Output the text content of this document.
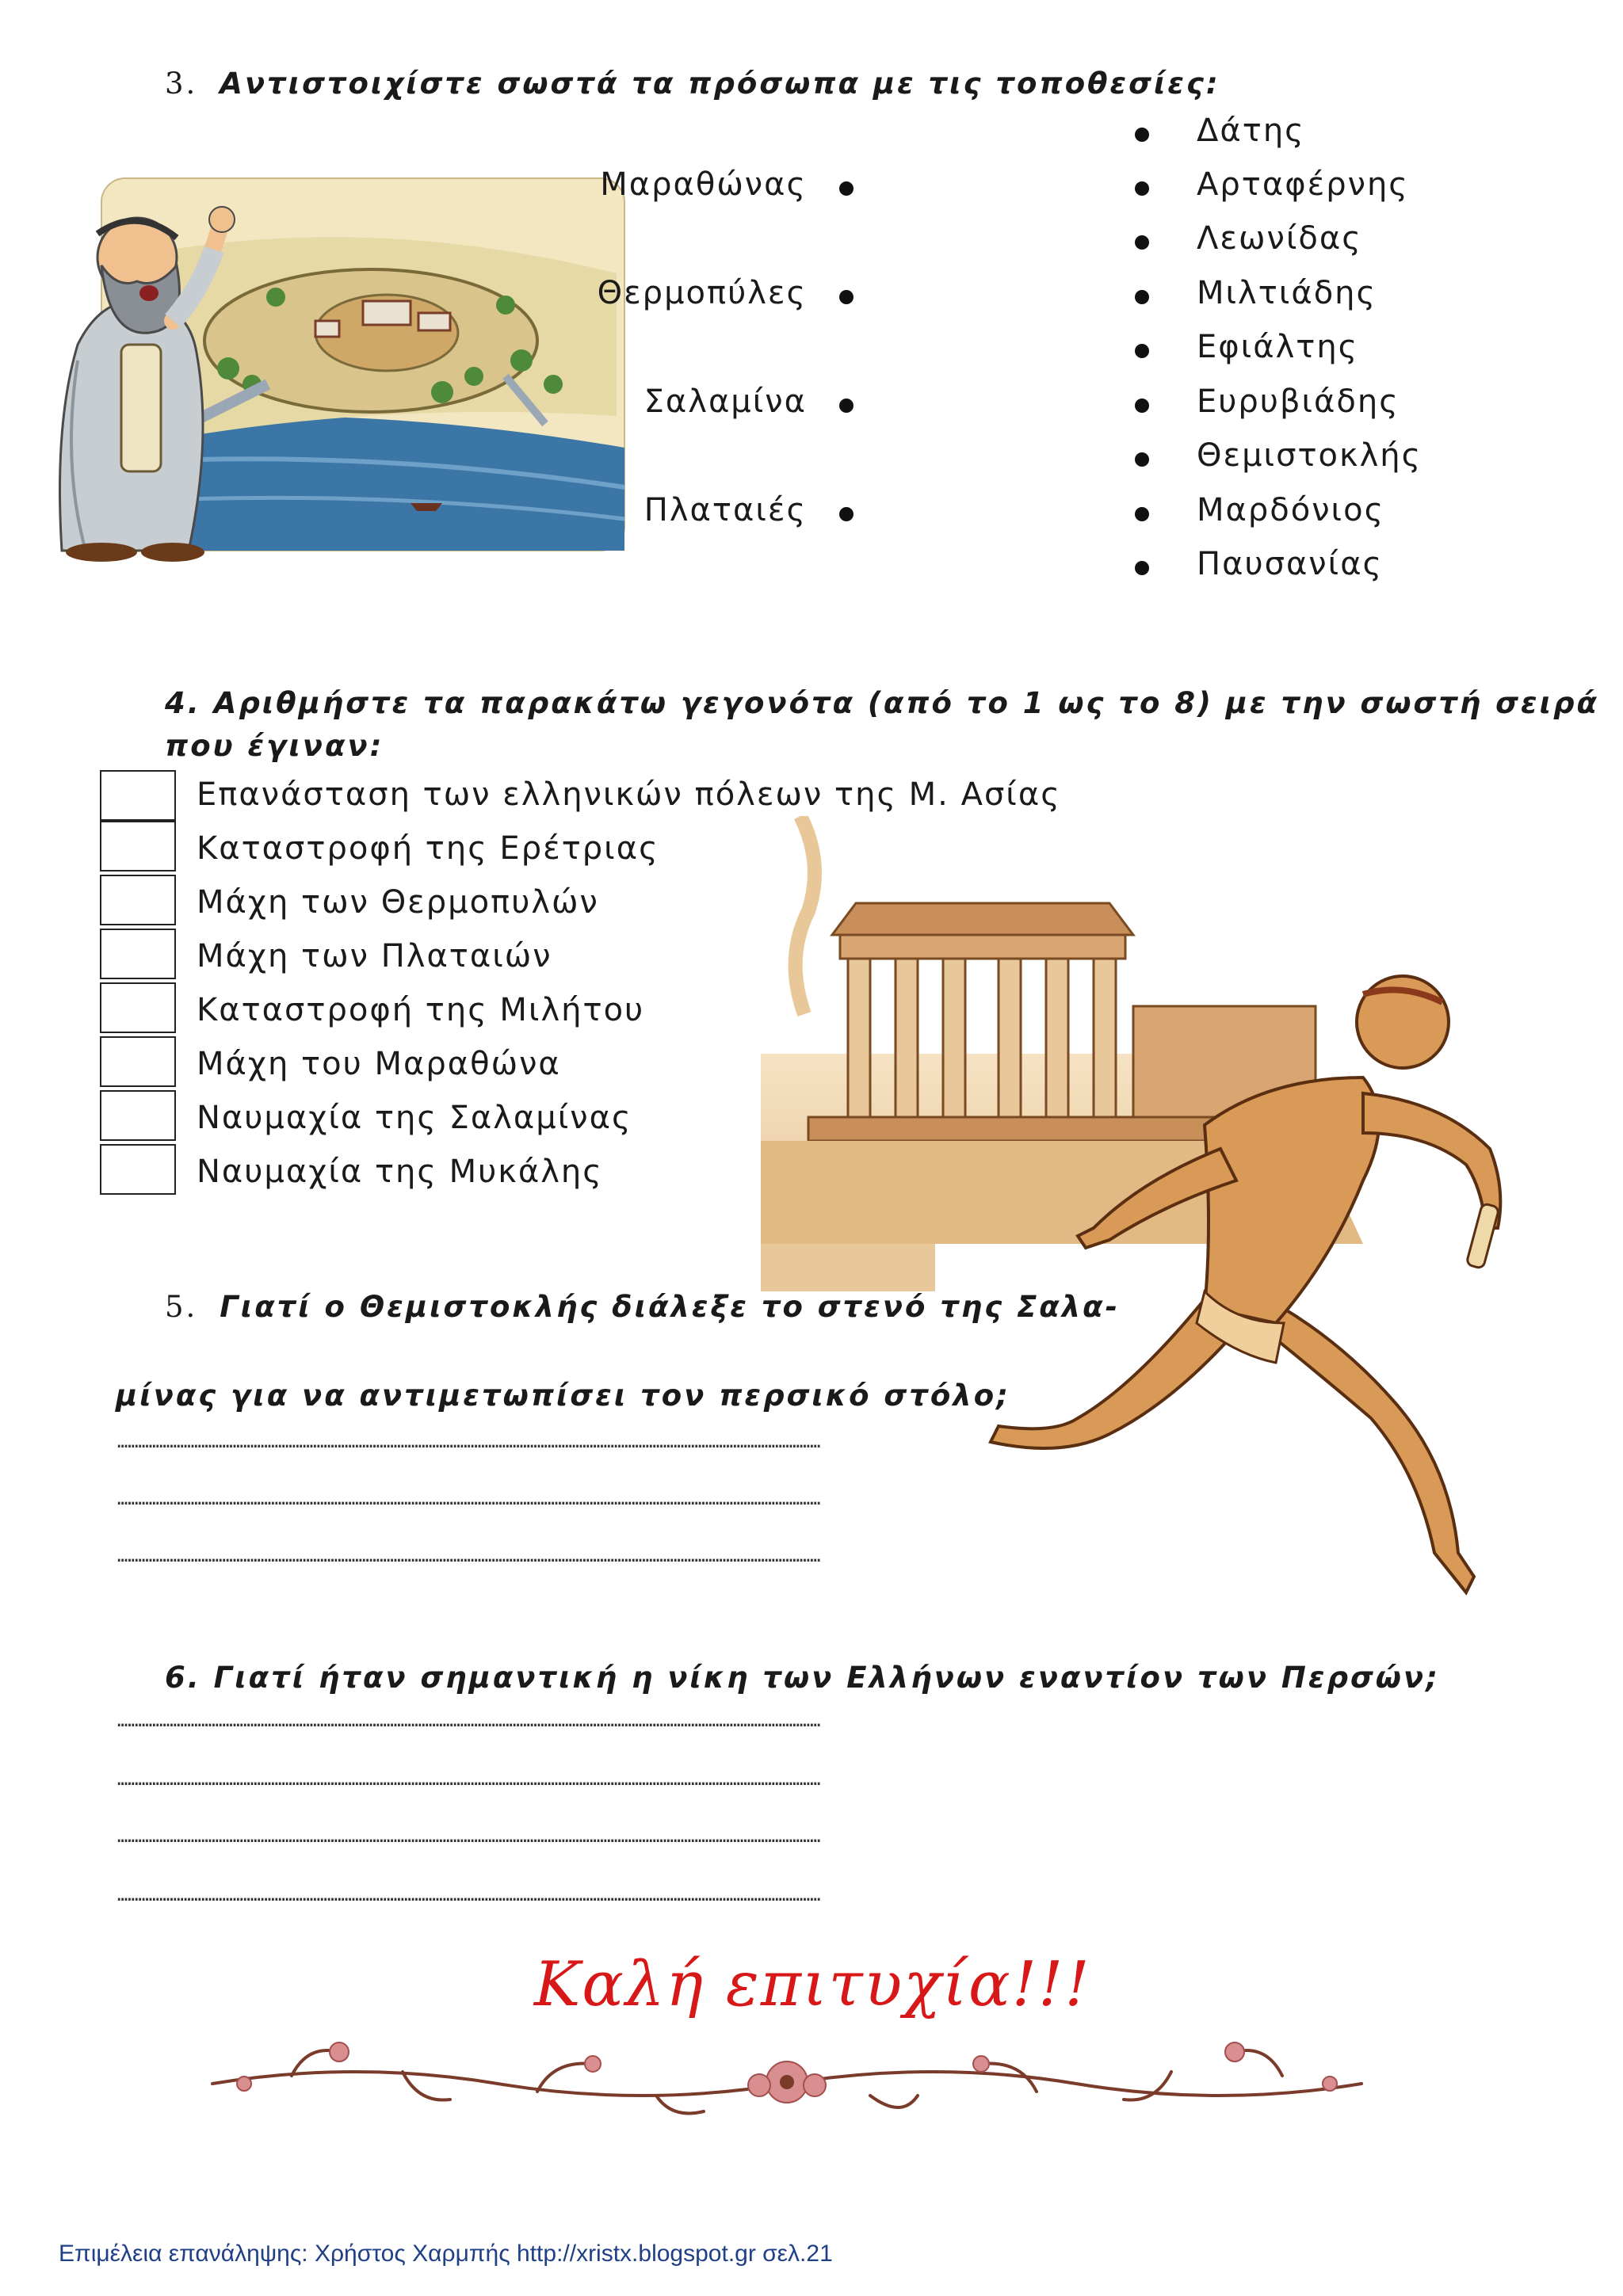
3. Αντιστοιχίστε σωστά τα πρόσωπα με τις τοποθεσίες:
Μαραθώνας
Θερμοπύλες
Σαλαμίνα
Πλαταιές
Δάτης
Αρταφέρνης
Λεωνίδας
Μιλτιάδης
Εφιάλτης
Ευρυβιάδης
Θεμιστοκλής
Μαρδόνιος
Παυσανίας
4. Αριθμήστε τα παρακάτω γεγονότα (από το 1 ως το 8) με την σωστή σειρά
που έγιναν:
Επανάσταση των ελληνικών πόλεων της Μ. Ασίας
Καταστροφή της Ερέτριας
Μάχη των Θερμοπυλών
Μάχη των Πλαταιών
Καταστροφή της Μιλήτου
Μάχη του Μαραθώνα
Ναυμαχία της Σαλαμίνας
Ναυμαχία της Μυκάλης
5. Γιατί ο Θεμιστοκλής διάλεξε το στενό της Σαλα-
μίνας για να αντιμετωπίσει τον περσικό στόλο;
…………………………………………………………………………………………………………………………………………………………………………………
…………………………………………………………………………………………………………………………………………………………………………………
…………………………………………………………………………………………………………………………………………………………………………………
6. Γιατί ήταν σημαντική η νίκη των Ελλήνων εναντίον των Περσών;
…………………………………………………………………………………………………………………………………………………………………………………
…………………………………………………………………………………………………………………………………………………………………………………
…………………………………………………………………………………………………………………………………………………………………………………
…………………………………………………………………………………………………………………………………………………………………………………
Καλή επιτυχία!!!
Επιμέλεια επανάληψης: Χρήστος Χαρμπής http://xristx.blogspot.gr σελ.21
